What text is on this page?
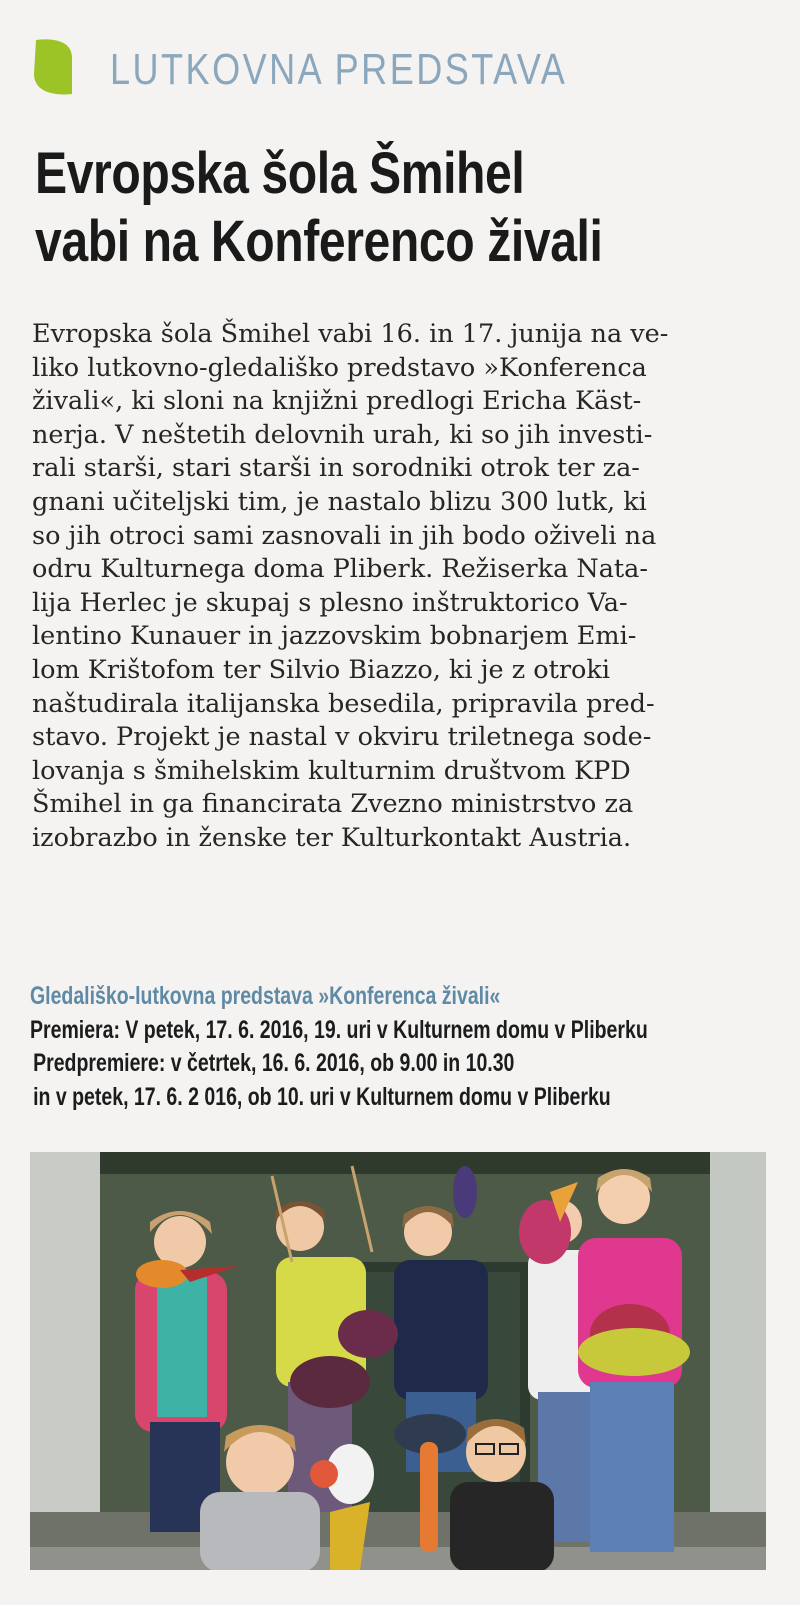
LUTKOVNA PREDSTAVA
Evropska šola Šmihel
vabi na Konferenco živali
Evropska šola Šmihel vabi 16. in 17. junija na ve-
liko lutkovno-gledališko predstavo »Konferenca
živali«, ki sloni na knjižni predlogi Ericha Käst-
nerja. V neštetih delovnih urah, ki so jih investi-
rali starši, stari starši in sorodniki otrok ter za-
gnani učiteljski tim, je nastalo blizu 300 lutk, ki
so jih otroci sami zasnovali in jih bodo oživeli na
odru Kulturnega doma Pliberk. Režiserka Nata-
lija Herlec je skupaj s plesno inštruktorico Va-
lentino Kunauer in jazzovskim bobnarjem Emi-
lom Krištofom ter Silvio Biazzo, ki je z otroki
naštudirala italijanska besedila, pripravila pred-
stavo. Projekt je nastal v okviru triletnega sode-
lovanja s šmihelskim kulturnim društvom KPD
Šmihel in ga financirata Zvezno ministrstvo za
izobrazbo in ženske ter Kulturkontakt Austria.
Gledališko-lutkovna predstava »Konferenca živali«
Premiera: V petek, 17. 6. 2016, 19. uri v Kulturnem domu v Pliberku
Predpremiere: v četrtek, 16. 6. 2016, ob 9.00 in 10.30
in v petek, 17. 6. 2 016, ob 10. uri v Kulturnem domu v Pliberku
